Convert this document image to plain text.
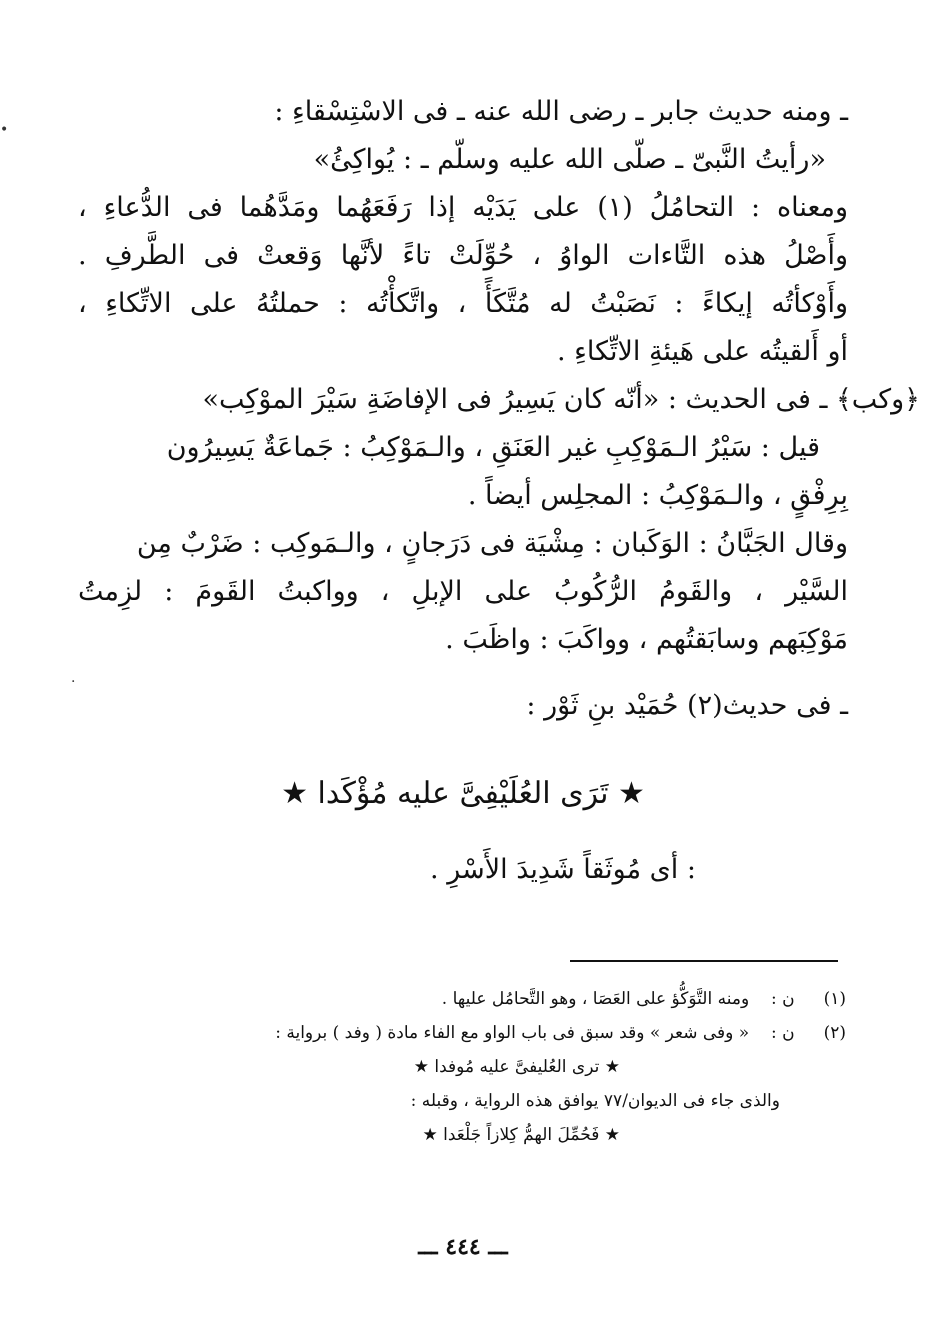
ـ ومنه حديث جابر ـ رضى الله عنه ـ فى الاسْتِسْقاءِ :
«رأيتُ النَّبىّ ـ صلّى الله عليه وسلّم ـ : يُواكِئُ»
ومعناه : التحامُلُ (١) على يَدَيْه إذا رَفَعَهُما ومَدَّهُما فى الدُّعاءِ ،
وأَصْلُ هذه التَّاءات الواوُ ، حُوِّلَتْ تاءً لأنَّها وَقعتْ فى الطَّرفِ .
وأَوْكأتُه إيكاءً : نَصَبْتُ له مُتَّكَأً ، واتَّكأْتُه : حملتُهُ على الاتِّكاءِ ،
أو أَلقيتُه على هَيئةِ الاتِّكاءِ .
﴿وكب﴾ ـ فى الحديث : «أنّه كان يَسِيرُ فى الإفاضَةِ سَيْرَ الموْكِب»
قيل : سَيْرُ الـمَوْكِبِ غير العَنَقِ ، والـمَوْكِبُ : جَماعَةٌ يَسِيرُون
بِرِفْقٍ ، والـمَوْكِبُ : المجلِس أيضاً .
وقال الجَبَّانُ : الوَكَبان : مِشْيَة فى دَرَجانٍ ، والـمَوكِب : ضَرْبٌ مِن
السَّيْر ، والقَومُ الرُّكُوبُ على الإبلِ ، وواكبتُ القَومَ : لزِمتُ
مَوْكِبَهم وسابَقتُهم ، وواكَبَ : واظَبَ .
ـ فى حديث(٢) حُمَيْد بنِ ثَوْر :
★ تَرَى العُلَيْفِىَّ عليه مُؤْكَدا ★
: أى مُوثَقاً شَدِيدَ الأَسْرِ .
(١) ن : ومنه التَّوَكُّؤ على العَصَا ، وهو التَّحامُل عليها .
(٢) ن : « وفى شعر » وقد سبق فى باب الواو مع الفاء مادة ( وفد ) برواية :
★ ترى العُليفىَّ عليه مُوفدا ★
والذى جاء فى الديوان/٧٧ يوافق هذه الرواية ، وقبله :
★ فَحُمِّلَ الهمُّ كِلازاً جَلْعَدا ★
ـــ ٤٤٤ ـــ
•
·
